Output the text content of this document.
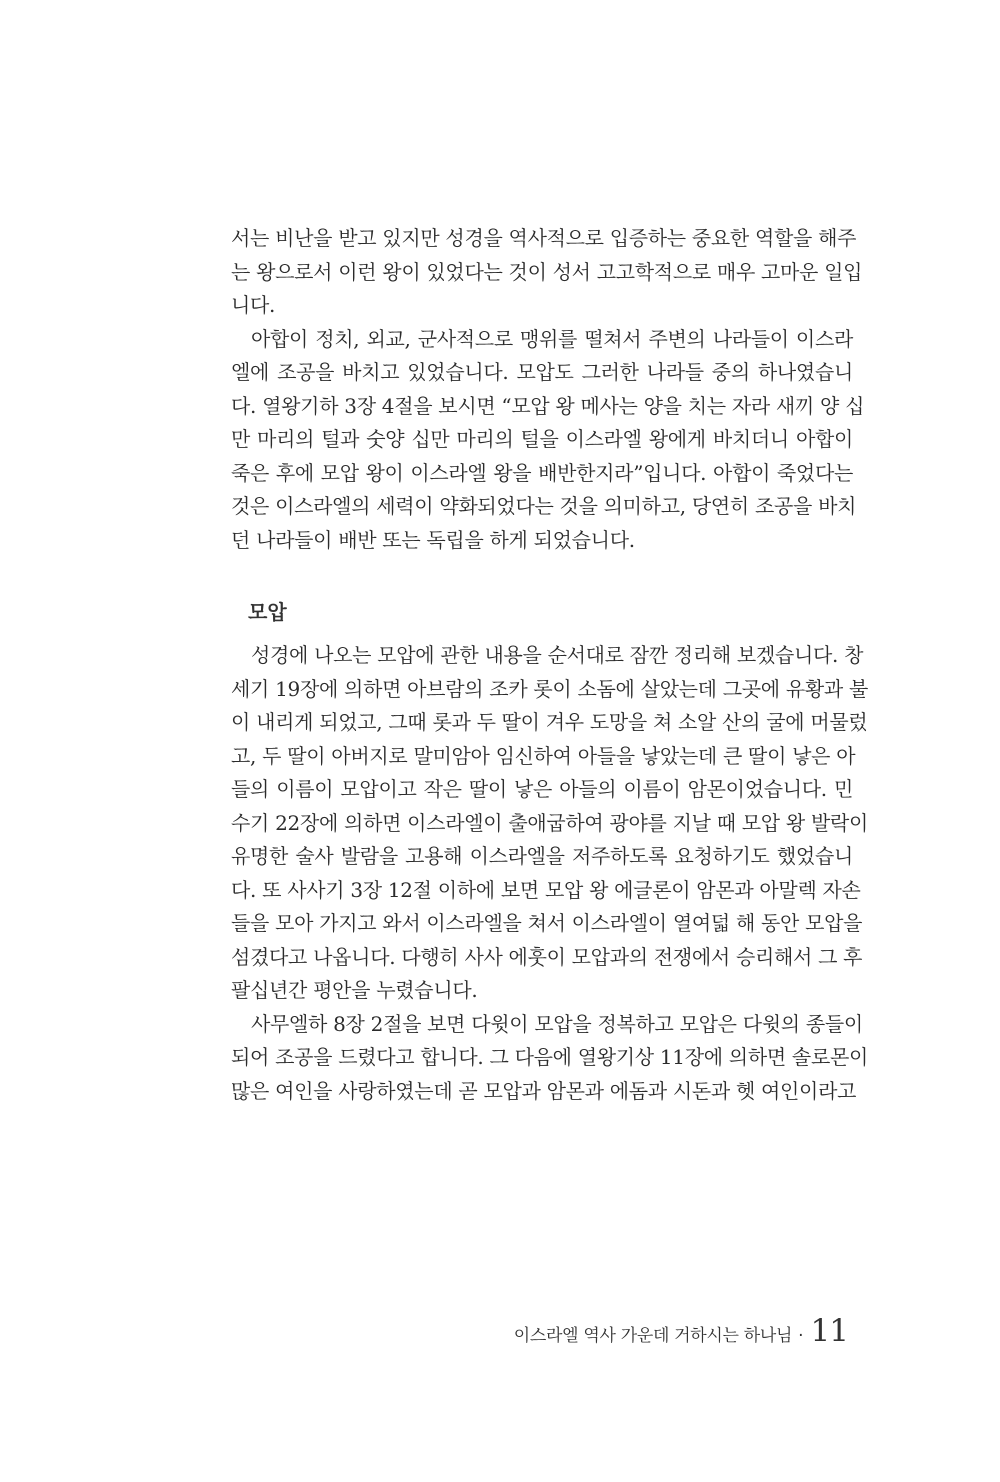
서는 비난을 받고 있지만 성경을 역사적으로 입증하는 중요한 역할을 해주
는 왕으로서 이런 왕이 있었다는 것이 성서 고고학적으로 매우 고마운 일입
니다.
아합이 정치, 외교, 군사적으로 맹위를 떨쳐서 주변의 나라들이 이스라
엘에 조공을 바치고 있었습니다. 모압도 그러한 나라들 중의 하나였습니
다. 열왕기하 3장 4절을 보시면 “모압 왕 메사는 양을 치는 자라 새끼 양 십
만 마리의 털과 숫양 십만 마리의 털을 이스라엘 왕에게 바치더니 아합이
죽은 후에 모압 왕이 이스라엘 왕을 배반한지라”입니다. 아합이 죽었다는
것은 이스라엘의 세력이 약화되었다는 것을 의미하고, 당연히 조공을 바치
던 나라들이 배반 또는 독립을 하게 되었습니다.
모압
성경에 나오는 모압에 관한 내용을 순서대로 잠깐 정리해 보겠습니다. 창
세기 19장에 의하면 아브람의 조카 롯이 소돔에 살았는데 그곳에 유황과 불
이 내리게 되었고, 그때 롯과 두 딸이 겨우 도망을 쳐 소알 산의 굴에 머물렀
고, 두 딸이 아버지로 말미암아 임신하여 아들을 낳았는데 큰 딸이 낳은 아
들의 이름이 모압이고 작은 딸이 낳은 아들의 이름이 암몬이었습니다. 민
수기 22장에 의하면 이스라엘이 출애굽하여 광야를 지날 때 모압 왕 발락이
유명한 술사 발람을 고용해 이스라엘을 저주하도록 요청하기도 했었습니
다. 또 사사기 3장 12절 이하에 보면 모압 왕 에글론이 암몬과 아말렉 자손
들을 모아 가지고 와서 이스라엘을 쳐서 이스라엘이 열여덟 해 동안 모압을
섬겼다고 나옵니다. 다행히 사사 에훗이 모압과의 전쟁에서 승리해서 그 후
팔십년간 평안을 누렸습니다.
사무엘하 8장 2절을 보면 다윗이 모압을 정복하고 모압은 다윗의 종들이
되어 조공을 드렸다고 합니다. 그 다음에 열왕기상 11장에 의하면 솔로몬이
많은 여인을 사랑하였는데 곧 모압과 암몬과 에돔과 시돈과 헷 여인이라고
이스라엘 역사 가운데 거하시는 하나님 · 11
